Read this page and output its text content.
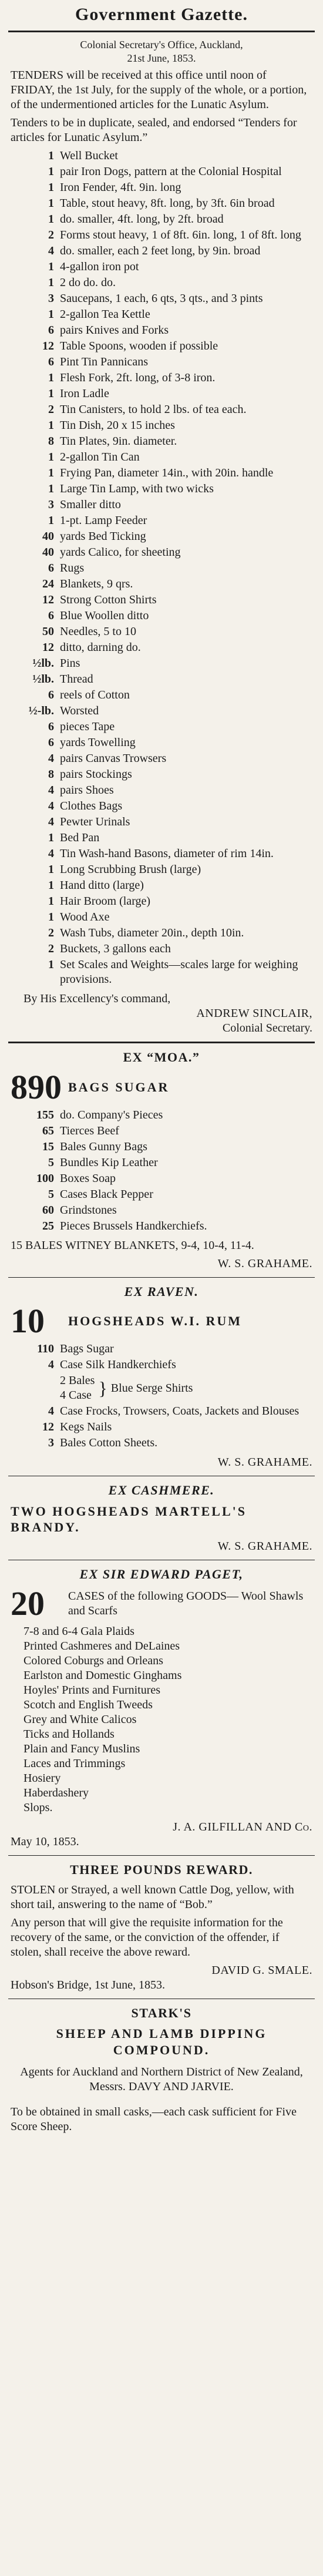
Government Gazette.
Colonial Secretary's Office, Auckland,
21st June, 1853.
TENDERS will be received at this office until noon of FRIDAY, the 1st July, for the supply of the whole, or a portion, of the undermentioned articles for the Lunatic Asylum.
Tenders to be in duplicate, sealed, and endorsed “Tenders for articles for Lunatic Asylum.”
1 Well Bucket
1 pair Iron Dogs, pattern at the Colonial Hospital
1 Iron Fender, 4ft. 9in. long
1 Table, stout heavy, 8ft. long, by 3ft. 6in broad
1 do. smaller, 4ft. long, by 2ft. broad
2 Forms stout heavy, 1 of 8ft. 6in. long, 1 of 8ft. long
4 do. smaller, each 2 feet long, by 9in. broad
1 4-gallon iron pot
1 2 do do. do.
3 Saucepans, 1 each, 6 qts, 3 qts., and 3 pints
1 2-gallon Tea Kettle
6 pairs Knives and Forks
12 Table Spoons, wooden if possible
6 Pint Tin Pannicans
1 Flesh Fork, 2ft. long, of 3-8 iron.
1 Iron Ladle
2 Tin Canisters, to hold 2 lbs. of tea each.
1 Tin Dish, 20 x 15 inches
8 Tin Plates, 9in. diameter.
1 2-gallon Tin Can
1 Frying Pan, diameter 14in., with 20in. handle
1 Large Tin Lamp, with two wicks
3 Smaller ditto
1 1-pt. Lamp Feeder
40 yards Bed Ticking
40 yards Calico, for sheeting
6 Rugs
24 Blankets, 9 qrs.
12 Strong Cotton Shirts
6 Blue Woollen ditto
50 Needles, 5 to 10
12 ditto, darning do.
½lb. Pins
½lb. Thread
6 reels of Cotton
½-lb. Worsted
6 pieces Tape
6 yards Towelling
4 pairs Canvas Trowsers
8 pairs Stockings
4 pairs Shoes
4 Clothes Bags
4 Pewter Urinals
1 Bed Pan
4 Tin Wash-hand Basons, diameter of rim 14in.
1 Long Scrubbing Brush (large)
1 Hand ditto (large)
1 Hair Broom (large)
1 Wood Axe
2 Wash Tubs, diameter 20in., depth 10in.
2 Buckets, 3 gallons each
1 Set Scales and Weights—scales large for weighing provisions.
By His Excellency's command,
ANDREW SINCLAIR,
Colonial Secretary.
EX “MOA.”
890 BAGS SUGAR
155 do. Company's Pieces
65 Tierces Beef
15 Bales Gunny Bags
5 Bundles Kip Leather
100 Boxes Soap
5 Cases Black Pepper
60 Grindstones
25 Pieces Brussels Handkerchiefs.
15 BALES WITNEY BLANKETS, 9-4, 10-4, 11-4.
W. S. GRAHAME.
EX RAVEN.
10	HOGSHEADS W.I. RUM
110 Bags Sugar
4 Case Silk Handkerchiefs
2 Bales
4 Case } Blue Serge Shirts
4 Case Frocks, Trowsers, Coats, Jackets and Blouses
12 Kegs Nails
3 Bales Cotton Sheets.
W. S. GRAHAME.
EX CASHMERE.
TWO HOGSHEADS MARTELL'S BRANDY.
W. S. GRAHAME.
EX SIR EDWARD PAGET,
20	CASES of the following GOODS— Wool Shawls and Scarfs
7-8 and 6-4 Gala Plaids
Printed Cashmeres and DeLaines
Colored Coburgs and Orleans
Earlston and Domestic Ginghams
Hoyles' Prints and Furnitures
Scotch and English Tweeds
Grey and White Calicos
Ticks and Hollands
Plain and Fancy Muslins
Laces and Trimmings
Hosiery
Haberdashery
Slops.
J. A. GILFILLAN AND Co.
May 10, 1853.
THREE POUNDS REWARD.
STOLEN or Strayed, a well known Cattle Dog, yellow, with short tail, answering to the name of “Bob.”
Any person that will give the requisite information for the recovery of the same, or the conviction of the offender, if stolen, shall receive the above reward.
DAVID G. SMALE.
Hobson's Bridge, 1st June, 1853.
STARK'S
SHEEP AND LAMB DIPPING COMPOUND.
Agents for Auckland and Northern District of New Zealand,
Messrs. DAVY AND JARVIE.
To be obtained in small casks,—each cask sufficient for Five Score Sheep.
